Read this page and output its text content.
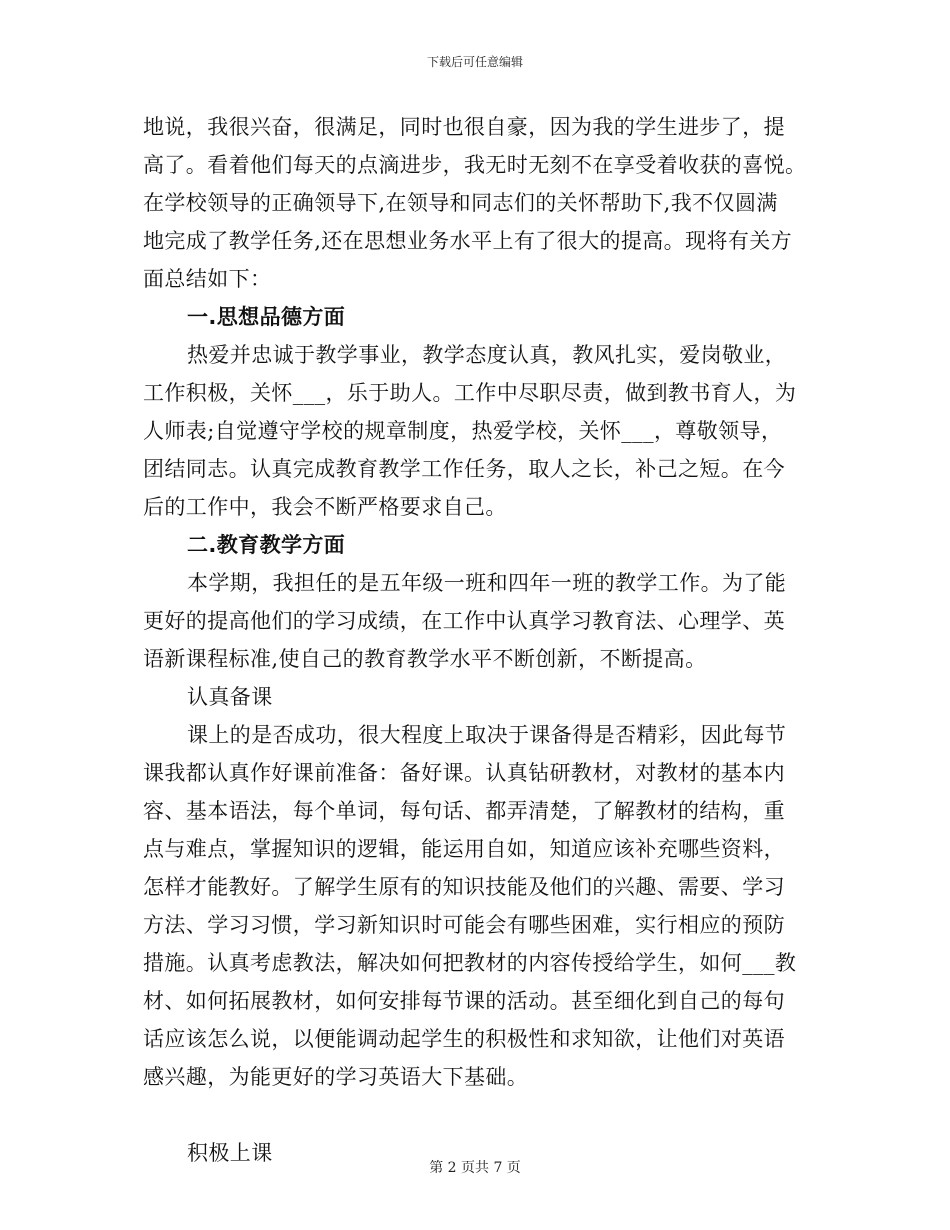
下载后可任意编辑
地说，我很兴奋，很满足，同时也很自豪，因为我的学生进步了，提
高了。看着他们每天的点滴进步，我无时无刻不在享受着收获的喜悦。
在学校领导的正确领导下,在领导和同志们的关怀帮助下,我不仅圆满
地完成了教学任务,还在思想业务水平上有了很大的提高。现将有关方
面总结如下：
一.思想品德方面
热爱并忠诚于教学事业，教学态度认真，教风扎实，爱岗敬业，
工作积极，关怀___，乐于助人。工作中尽职尽责，做到教书育人，为
人师表;自觉遵守学校的规章制度，热爱学校，关怀___，尊敬领导，
团结同志。认真完成教育教学工作任务，取人之长，补己之短。在今
后的工作中，我会不断严格要求自己。
二.教育教学方面
本学期，我担任的是五年级一班和四年一班的教学工作。为了能
更好的提高他们的学习成绩，在工作中认真学习教育法、心理学、英
语新课程标准,使自己的教育教学水平不断创新，不断提高。
认真备课
课上的是否成功，很大程度上取决于课备得是否精彩，因此每节
课我都认真作好课前准备：备好课。认真钻研教材，对教材的基本内
容、基本语法，每个单词，每句话、都弄清楚，了解教材的结构，重
点与难点，掌握知识的逻辑，能运用自如，知道应该补充哪些资料，
怎样才能教好。了解学生原有的知识技能及他们的兴趣、需要、学习
方法、学习习惯，学习新知识时可能会有哪些困难，实行相应的预防
措施。认真考虑教法，解决如何把教材的内容传授给学生，如何___教
材、如何拓展教材，如何安排每节课的活动。甚至细化到自己的每句
话应该怎么说，以便能调动起学生的积极性和求知欲，让他们对英语
感兴趣，为能更好的学习英语大下基础。
积极上课
第 2 页共 7 页
